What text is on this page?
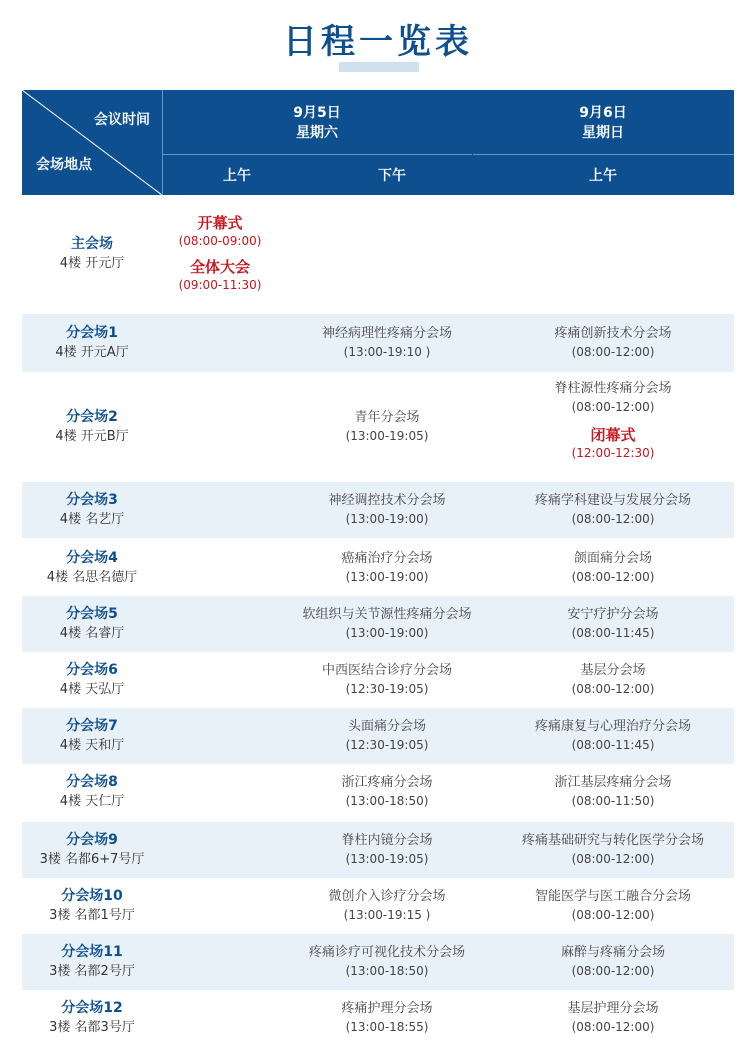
日程一览表
会议时间
会场地点
9月5日
星期六
9月6日
星期日
上午	下午	上午
主会场
4楼 开元厅
开幕式
(08:00-09:00)
全体大会
(09:00-11:30)
分会场1
4楼 开元A厅
神经病理性疼痛分会场
(13:00-19:10 )
疼痛创新技术分会场
(08:00-12:00)
分会场2
4楼 开元B厅
青年分会场
(13:00-19:05)
脊柱源性疼痛分会场
(08:00-12:00)
闭幕式
(12:00-12:30)
分会场3
4楼 名艺厅
神经调控技术分会场
(13:00-19:00)
疼痛学科建设与发展分会场
(08:00-12:00)
分会场4
4楼 名思名德厅
癌痛治疗分会场
(13:00-19:00)
颌面痛分会场
(08:00-12:00)
分会场5
4楼 名睿厅
软组织与关节源性疼痛分会场
(13:00-19:00)
安宁疗护分会场
(08:00-11:45)
分会场6
4楼 天弘厅
中西医结合诊疗分会场
(12:30-19:05)
基层分会场
(08:00-12:00)
分会场7
4楼 天和厅
头面痛分会场
(12:30-19:05)
疼痛康复与心理治疗分会场
(08:00-11:45)
分会场8
4楼 天仁厅
浙江疼痛分会场
(13:00-18:50)
浙江基层疼痛分会场
(08:00-11:50)
分会场9
3楼 名都6+7号厅
脊柱内镜分会场
(13:00-19:05)
疼痛基础研究与转化医学分会场
(08:00-12:00)
分会场10
3楼 名都1号厅
微创介入诊疗分会场
(13:00-19:15 )
智能医学与医工融合分会场
(08:00-12:00)
分会场11
3楼 名都2号厅
疼痛诊疗可视化技术分会场
(13:00-18:50)
麻醉与疼痛分会场
(08:00-12:00)
分会场12
3楼 名都3号厅
疼痛护理分会场
(13:00-18:55)
基层护理分会场
(08:00-12:00)
